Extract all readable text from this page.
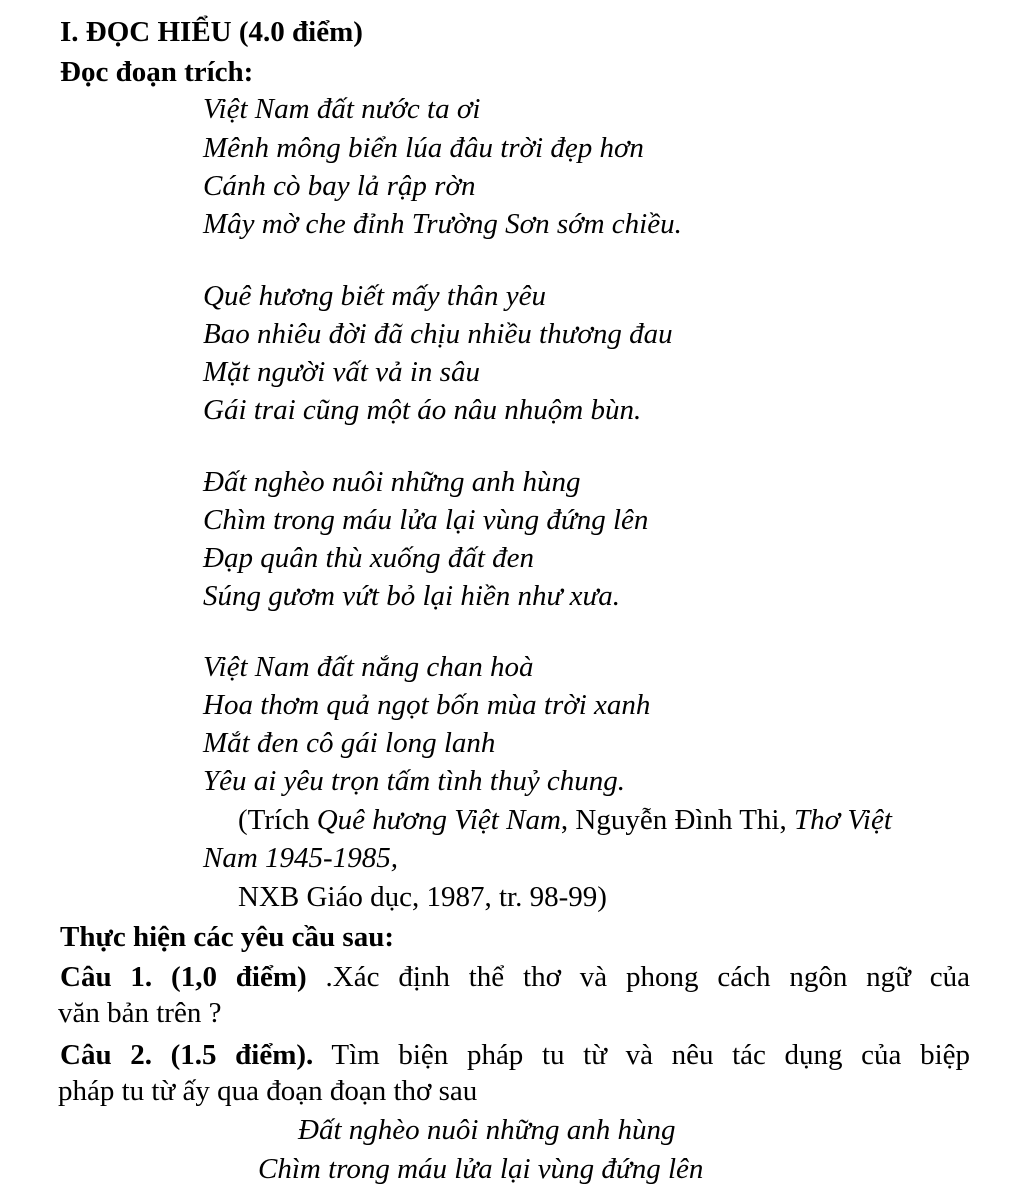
I. ĐỌC HIỂU (4.0 điểm)
Đọc đoạn trích:
Việt Nam đất nước ta ơi
Mênh mông biển lúa đâu trời đẹp hơn
Cánh cò bay lả rập rờn
Mây mờ che đỉnh Trường Sơn sớm chiều.
Quê hương biết mấy thân yêu
Bao nhiêu đời đã chịu nhiều thương đau
Mặt người vất vả in sâu
Gái trai cũng một áo nâu nhuộm bùn.
Đất nghèo nuôi những anh hùng
Chìm trong máu lửa lại vùng đứng lên
Đạp quân thù xuống đất đen
Súng gươm vứt bỏ lại hiền như xưa.
Việt Nam đất nắng chan hoà
Hoa thơm quả ngọt bốn mùa trời xanh
Mắt đen cô gái long lanh
Yêu ai yêu trọn tấm tình thuỷ chung.
(Trích Quê hương Việt Nam, Nguyễn Đình Thi, Thơ Việt
Nam 1945-1985,
NXB Giáo dục, 1987, tr. 98-99)
Thực hiện các yêu cầu sau:
Câu 1. (1,0 điểm) .Xác định thể thơ và phong cách ngôn ngữ của
văn bản trên ?
Câu 2. (1.5 điểm). Tìm biện pháp tu từ và nêu tác dụng của biệp
pháp tu từ ấy qua đoạn đoạn thơ sau
Đất nghèo nuôi những anh hùng
Chìm trong máu lửa lại vùng đứng lên
